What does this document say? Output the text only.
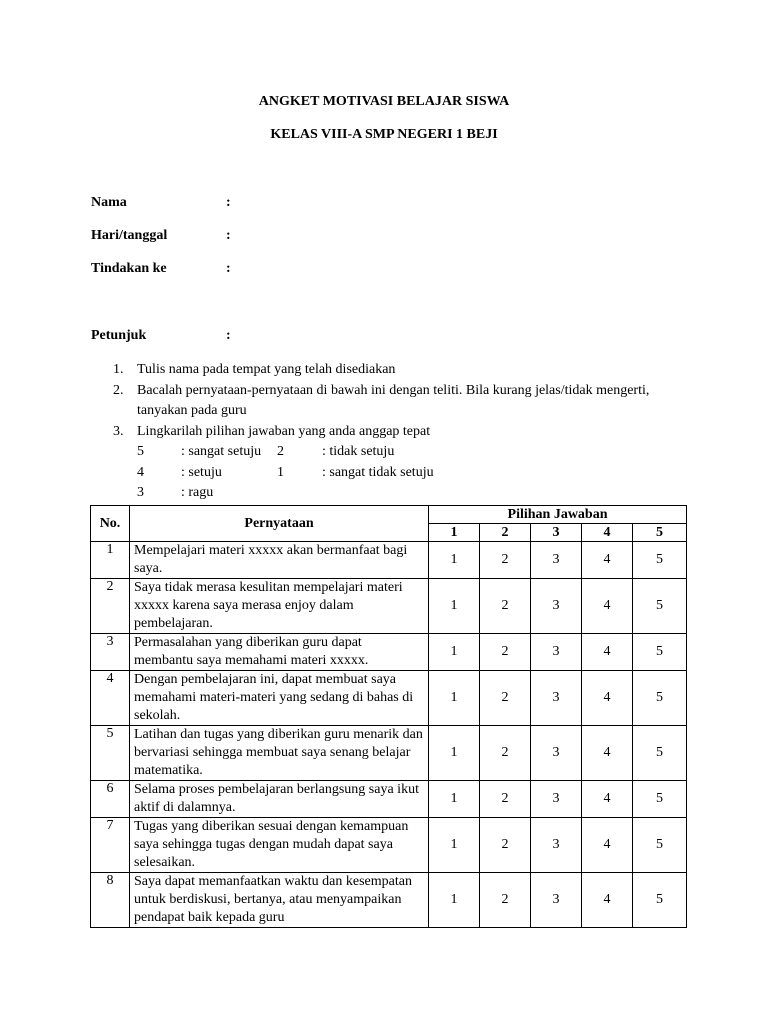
ANGKET MOTIVASI BELAJAR SISWA
KELAS VIII-A SMP NEGERI 1 BEJI
Nama	:
Hari/tanggal	:
Tindakan ke	:
Petunjuk	:
1. Tulis nama pada tempat yang telah disediakan
2. Bacalah pernyataan-pernyataan di bawah ini dengan teliti. Bila kurang jelas/tidak mengerti, tanyakan pada guru
3. Lingkarilah pilihan jawaban yang anda anggap tepat
5	: sangat setuju	2	: tidak setuju
4	: setuju	1	: sangat tidak setuju
3	: ragu
No.	Pernyataan	Pilihan Jawaban				
		1	2	3	4	5
1	Mempelajari materi xxxxx akan bermanfaat bagi saya.	1	2	3	4	5
2	Saya tidak merasa kesulitan mempelajari materi xxxxx karena saya merasa enjoy dalam pembelajaran.	1	2	3	4	5
3	Permasalahan yang diberikan guru dapat membantu saya memahami materi xxxxx.	1	2	3	4	5
4	Dengan pembelajaran ini, dapat membuat saya memahami materi-materi yang sedang di bahas di sekolah.	1	2	3	4	5
5	Latihan dan tugas yang diberikan guru menarik dan bervariasi sehingga membuat saya senang belajar matematika.	1	2	3	4	5
6	Selama proses pembelajaran berlangsung saya ikut aktif di dalamnya.	1	2	3	4	5
7	Tugas yang diberikan sesuai dengan kemampuan saya sehingga tugas dengan mudah dapat saya selesaikan.	1	2	3	4	5
8	Saya dapat memanfaatkan waktu dan kesempatan untuk berdiskusi, bertanya, atau menyampaikan pendapat baik kepada guru	1	2	3	4	5
